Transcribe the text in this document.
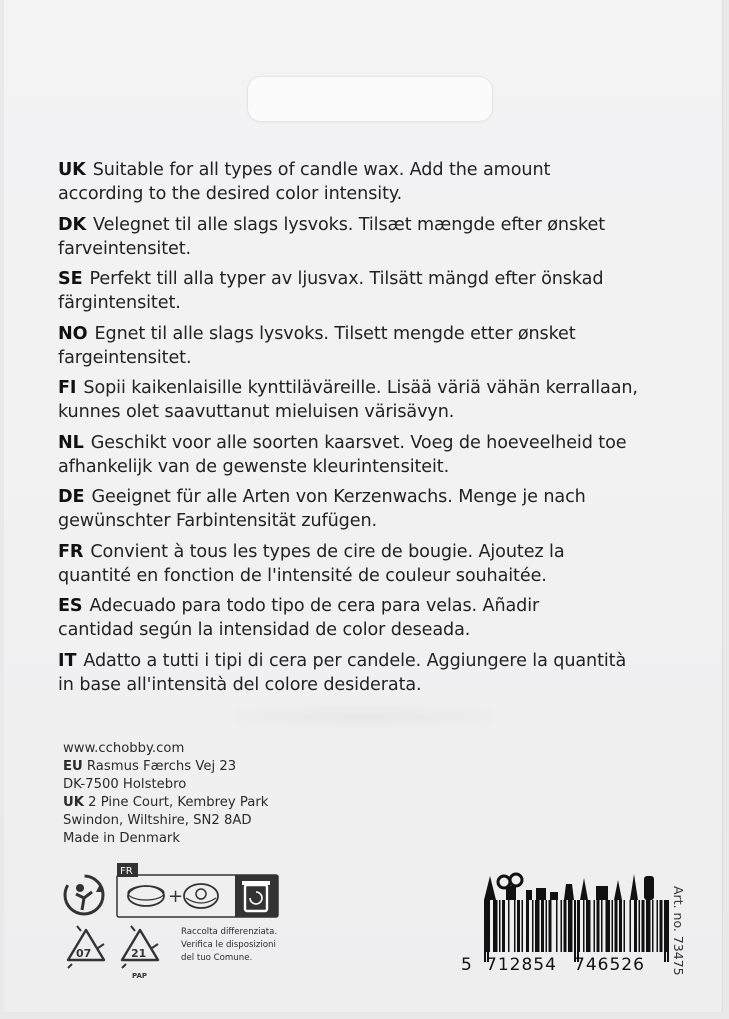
UK Suitable for all types of candle wax. Add the amount
according to the desired color intensity.
DK Velegnet til alle slags lysvoks. Tilsæt mængde efter ønsket
farveintensitet.
SE Perfekt till alla typer av ljusvax. Tilsätt mängd efter önskad
färgintensitet.
NO Egnet til alle slags lysvoks. Tilsett mengde etter ønsket
fargeintensitet.
FI Sopii kaikenlaisille kynttiläväreille. Lisää väriä vähän kerrallaan,
kunnes olet saavuttanut mieluisen värisävyn.
NL Geschikt voor alle soorten kaarsvet. Voeg de hoeveelheid toe
afhankelijk van de gewenste kleurintensiteit.
DE Geeignet für alle Arten von Kerzenwachs. Menge je nach
gewünschter Farbintensität zufügen.
FR Convient à tous les types de cire de bougie. Ajoutez la
quantité en fonction de l'intensité de couleur souhaitée.
ES Adecuado para todo tipo de cera para velas. Añadir
cantidad según la intensidad de color deseada.
IT Adatto a tutti i tipi di cera per candele. Aggiungere la quantità
in base all'intensità del colore desiderata.
www.cchobby.com
EU Rasmus Færchs Vej 23
DK-7500 Holstebro
UK 2 Pine Court, Kembrey Park
Swindon, Wiltshire, SN2 8AD
Made in Denmark
FR
+
07	21
PAP
Raccolta differenziata.
Verifica le disposizioni
del tuo Comune.	5 712854 746526 Art. no. 73475
